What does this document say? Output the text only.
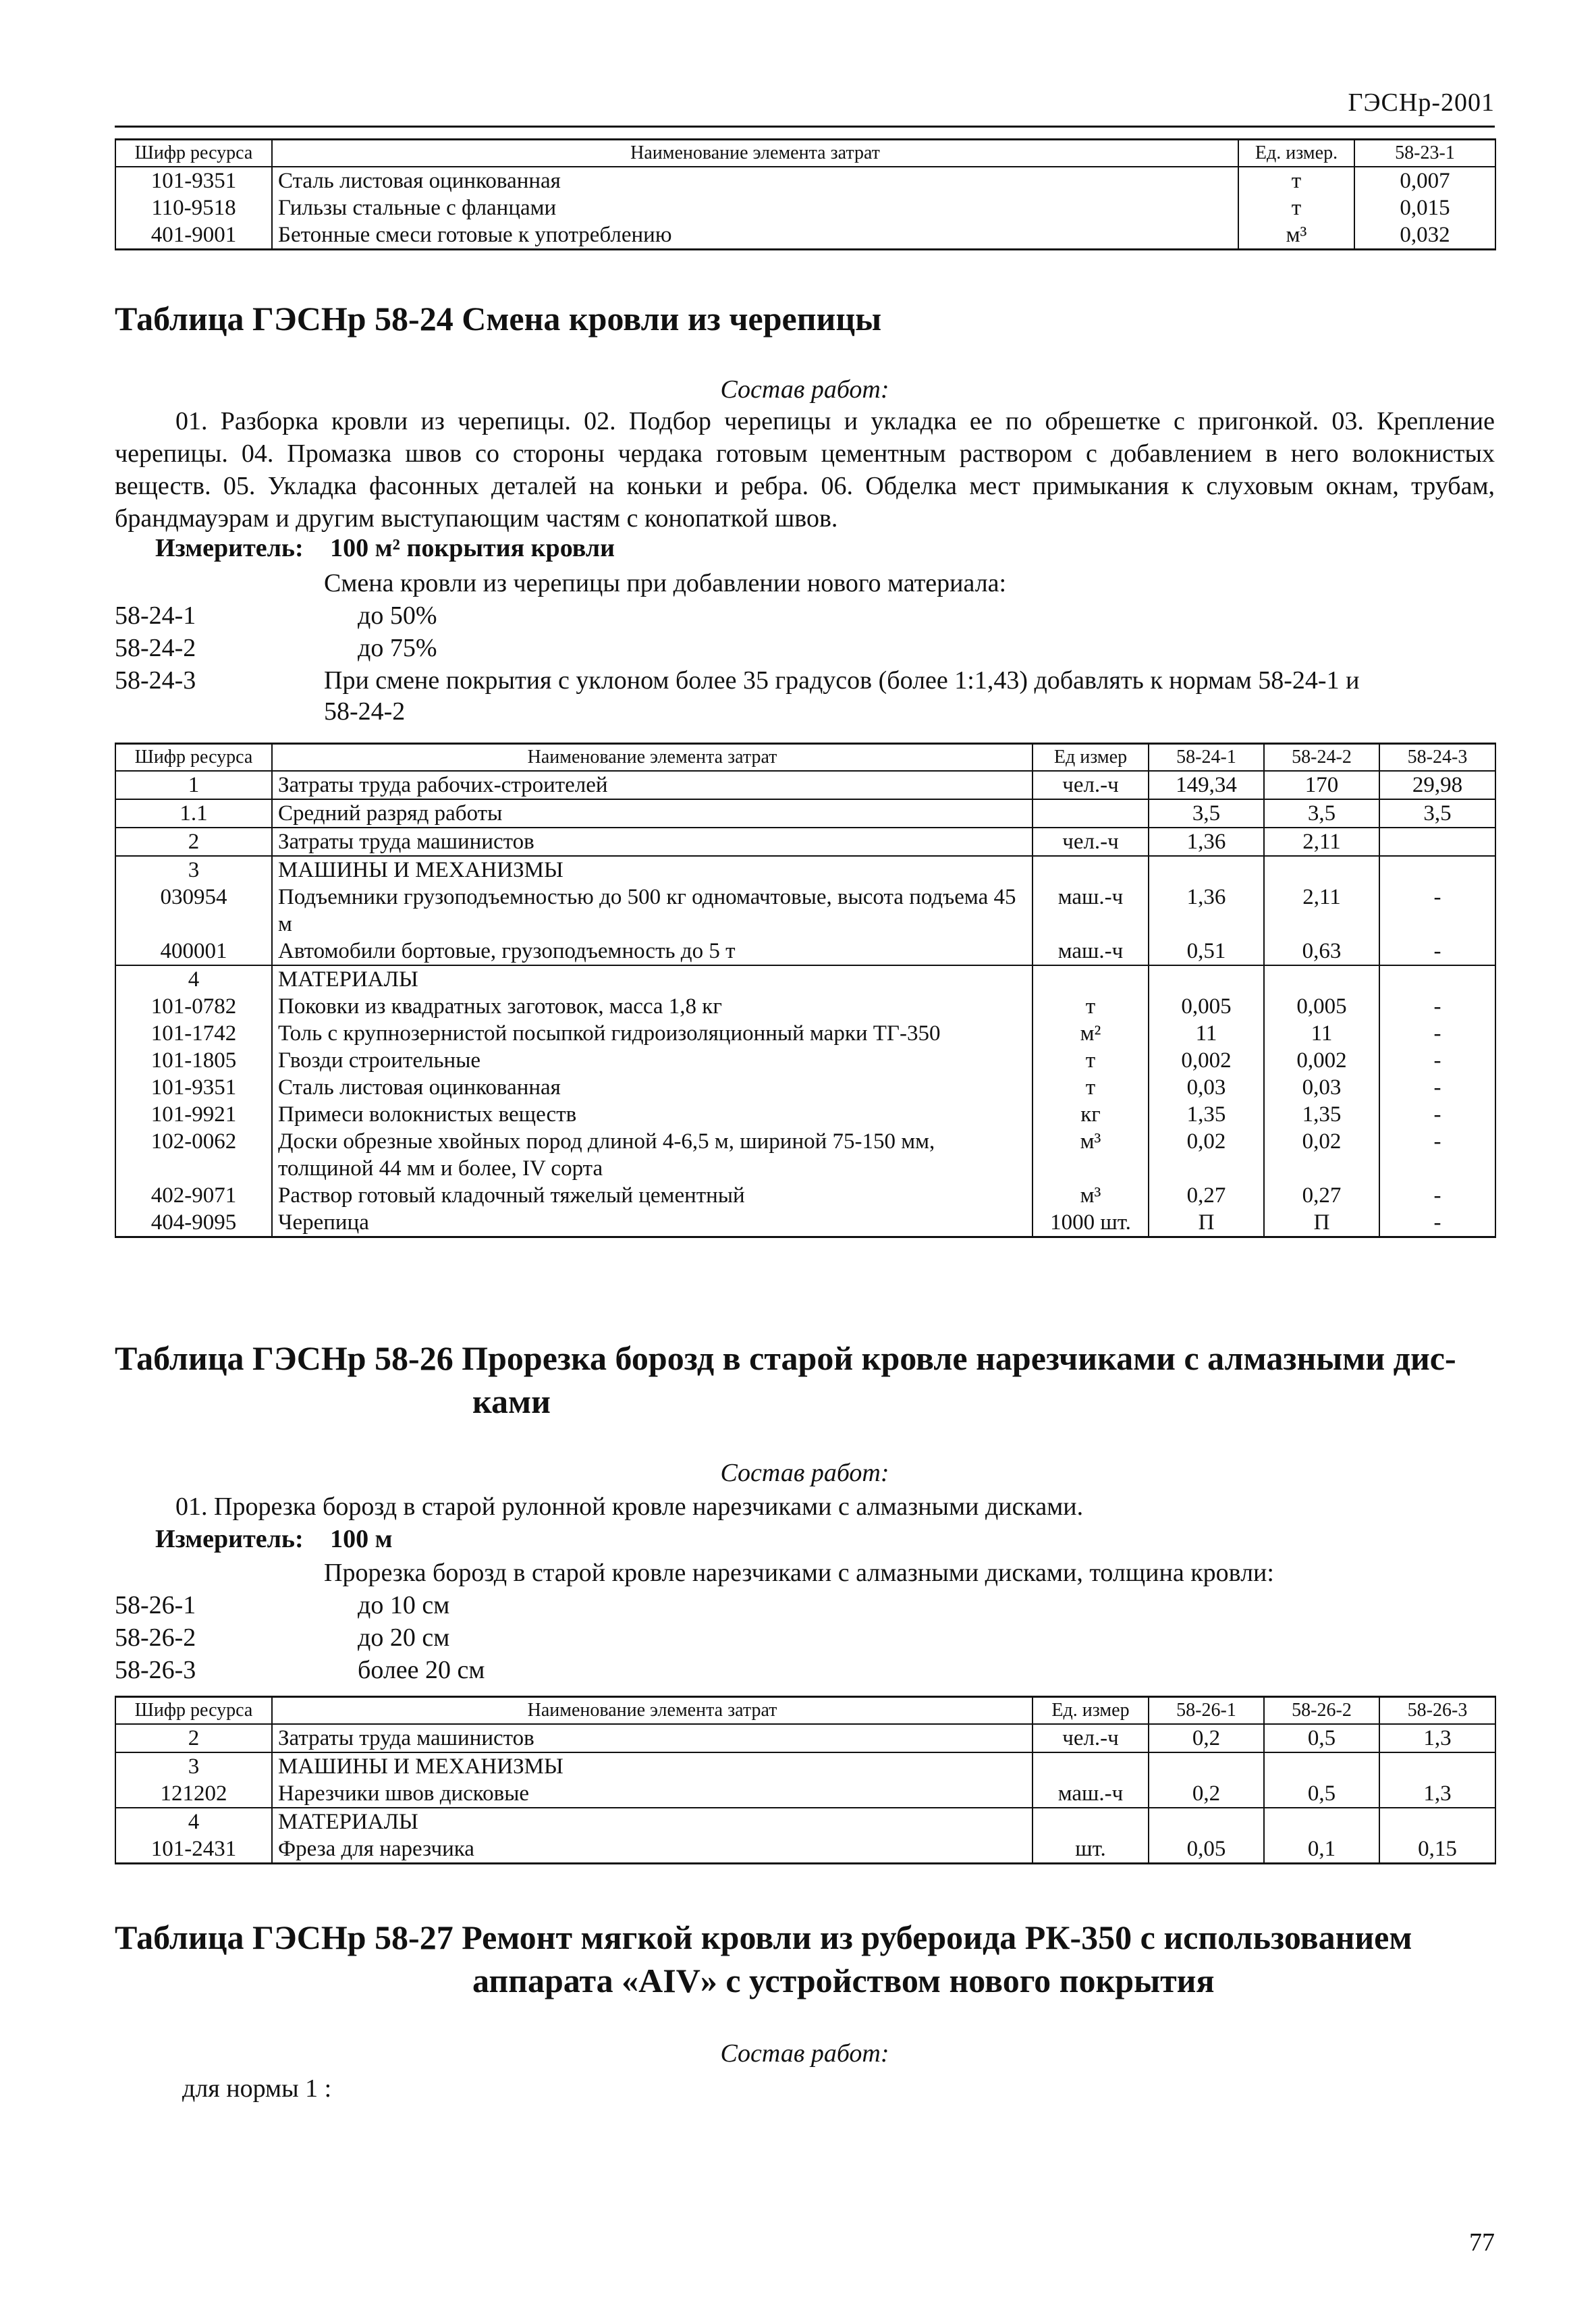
ГЭСНр-2001
Шифр ресурса	Наименование элемента затрат	Ед. измер.	58-23-1
101-9351	Сталь листовая оцинкованная	т	0,007
110-9518	Гильзы стальные с фланцами	т	0,015
401-9001	Бетонные смеси готовые к употреблению	м³	0,032
Таблица ГЭСНр 58-24 Смена кровли из черепицы
Состав работ:
01. Разборка кровли из черепицы. 02. Подбор черепицы и укладка ее по обрешетке с пригонкой. 03. Крепление черепицы. 04. Промазка швов со стороны чердака готовым цементным раствором с добавлением в него волокнистых веществ. 05. Укладка фасонных деталей на коньки и ребра. 06. Обделка мест примыкания к слуховым окнам, трубам, брандмауэрам и другим выступающим частям с конопаткой швов.
Измеритель: 100 м² покрытия кровли
Смена кровли из черепицы при добавлении нового материала:
58-24-1	до 50%
58-24-2	до 75%
58-24-3	При смене покрытия с уклоном более 35 градусов (более 1:1,43) добавлять к нормам 58-24-1 и
58-24-2
Шифр ресурса	Наименование элемента затрат	Ед измер	58-24-1	58-24-2	58-24-3
1	Затраты труда рабочих-строителей	чел.-ч	149,34	170	29,98
1.1	Средний разряд работы		3,5	3,5	3,5
2	Затраты труда машинистов	чел.-ч	1,36	2,11	
3	МАШИНЫ И МЕХАНИЗМЫ				
030954	Подъемники грузоподъемностью до 500 кг одномачтовые, высота подъема 45 м	маш.-ч	1,36	2,11	-
400001	Автомобили бортовые, грузоподъемность до 5 т	маш.-ч	0,51	0,63	-
4	МАТЕРИАЛЫ				
101-0782	Поковки из квадратных заготовок, масса 1,8 кг	т	0,005	0,005	-
101-1742	Толь с крупнозернистой посыпкой гидроизоляционный марки ТГ-350	м²	11	11	-
101-1805	Гвозди строительные	т	0,002	0,002	-
101-9351	Сталь листовая оцинкованная	т	0,03	0,03	-
101-9921	Примеси волокнистых веществ	кг	1,35	1,35	-
102-0062	Доски обрезные хвойных пород длиной 4-6,5 м, шириной 75-150 мм, толщиной 44 мм и более, IV сорта	м³	0,02	0,02	-
402-9071	Раствор готовый кладочный тяжелый цементный	м³	0,27	0,27	-
404-9095	Черепица	1000 шт.	П	П	-
Таблица ГЭСНр 58-26 Прорезка борозд в старой кровле нарезчиками с алмазными дис-
ками
Состав работ:
01. Прорезка борозд в старой рулонной кровле нарезчиками с алмазными дисками.
Измеритель: 100 м
Прорезка борозд в старой кровле нарезчиками с алмазными дисками, толщина кровли:
58-26-1	до 10 см
58-26-2	до 20 см
58-26-3	более 20 см
Шифр ресурса	Наименование элемента затрат	Ед. измер	58-26-1	58-26-2	58-26-3
2	Затраты труда машинистов	чел.-ч	0,2	0,5	1,3
3	МАШИНЫ И МЕХАНИЗМЫ				
121202	Нарезчики швов дисковые	маш.-ч	0,2	0,5	1,3
4	МАТЕРИАЛЫ				
101-2431	Фреза для нарезчика	шт.	0,05	0,1	0,15
Таблица ГЭСНр 58-27 Ремонт мягкой кровли из рубероида РК-350 с использованием
аппарата «AIV» с устройством нового покрытия
Состав работ:
для нормы 1 :
77
